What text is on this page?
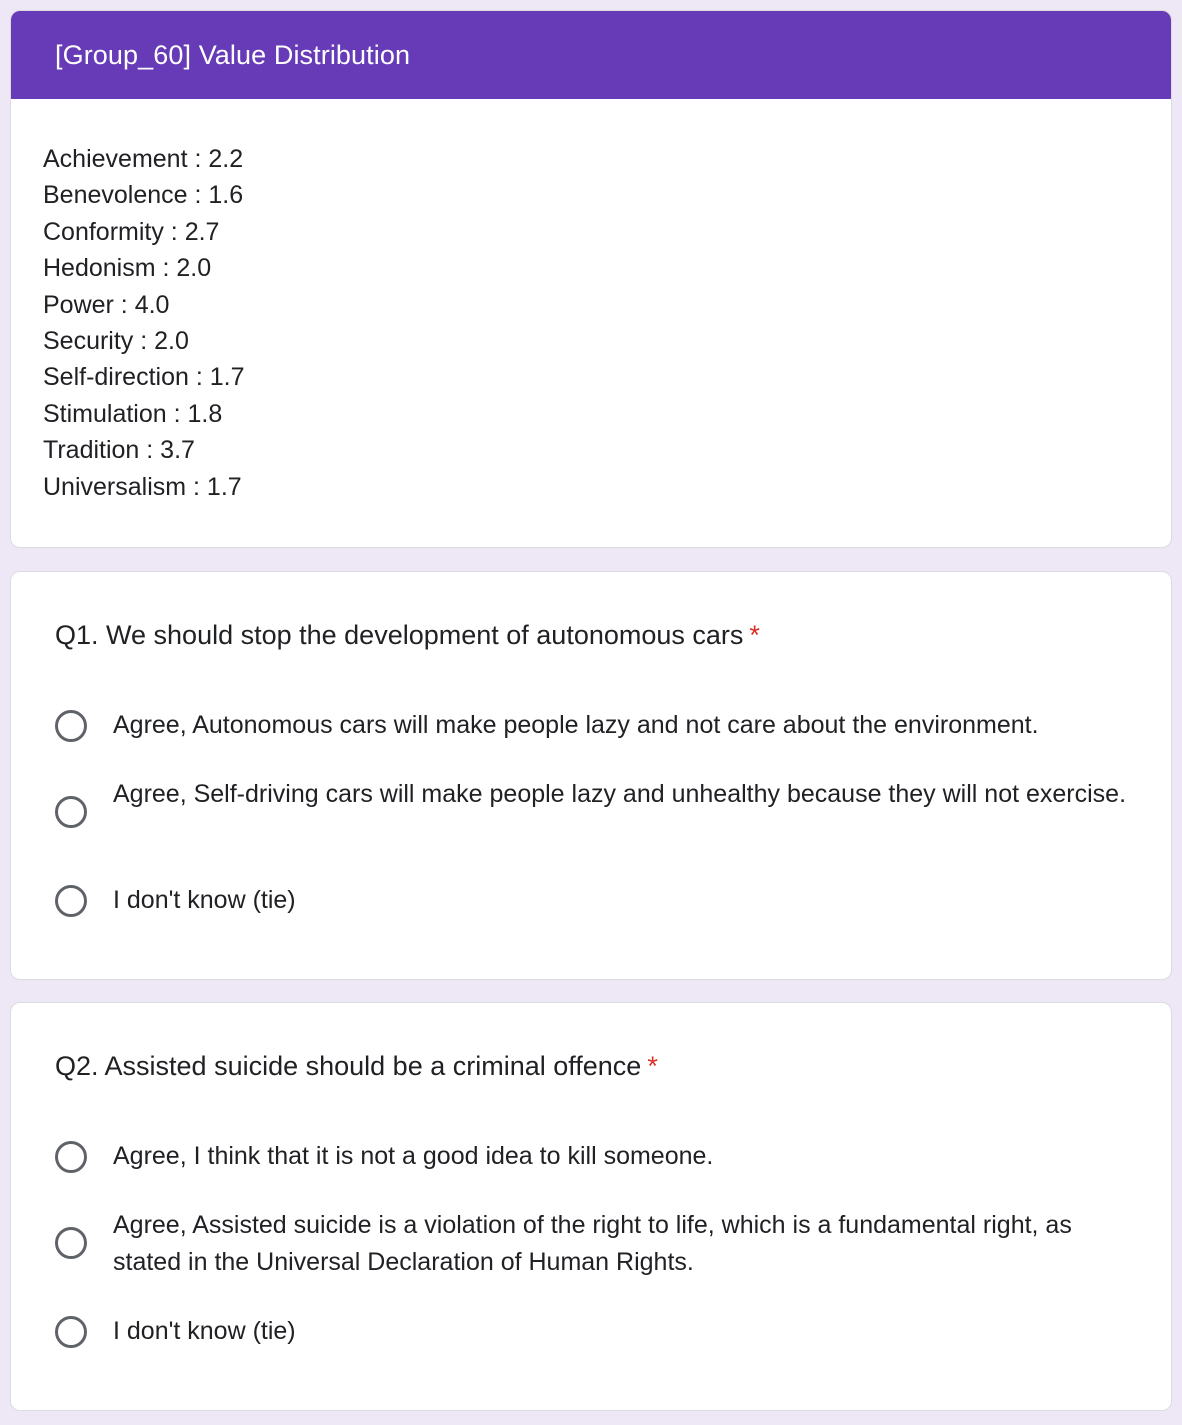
[Group_60] Value Distribution
Achievement : 2.2
Benevolence : 1.6
Conformity : 2.7
Hedonism : 2.0
Power : 4.0
Security : 2.0
Self-direction : 1.7
Stimulation : 1.8
Tradition : 3.7
Universalism : 1.7
Q1. We should stop the development of autonomous cars *
Agree, Autonomous cars will make people lazy and not care about the environment.
Agree, Self-driving cars will make people lazy and unhealthy because they will not exercise.
I don't know (tie)
Q2. Assisted suicide should be a criminal offence *
Agree, I think that it is not a good idea to kill someone.
Agree, Assisted suicide is a violation of the right to life, which is a fundamental right, as stated in the Universal Declaration of Human Rights.
I don't know (tie)
